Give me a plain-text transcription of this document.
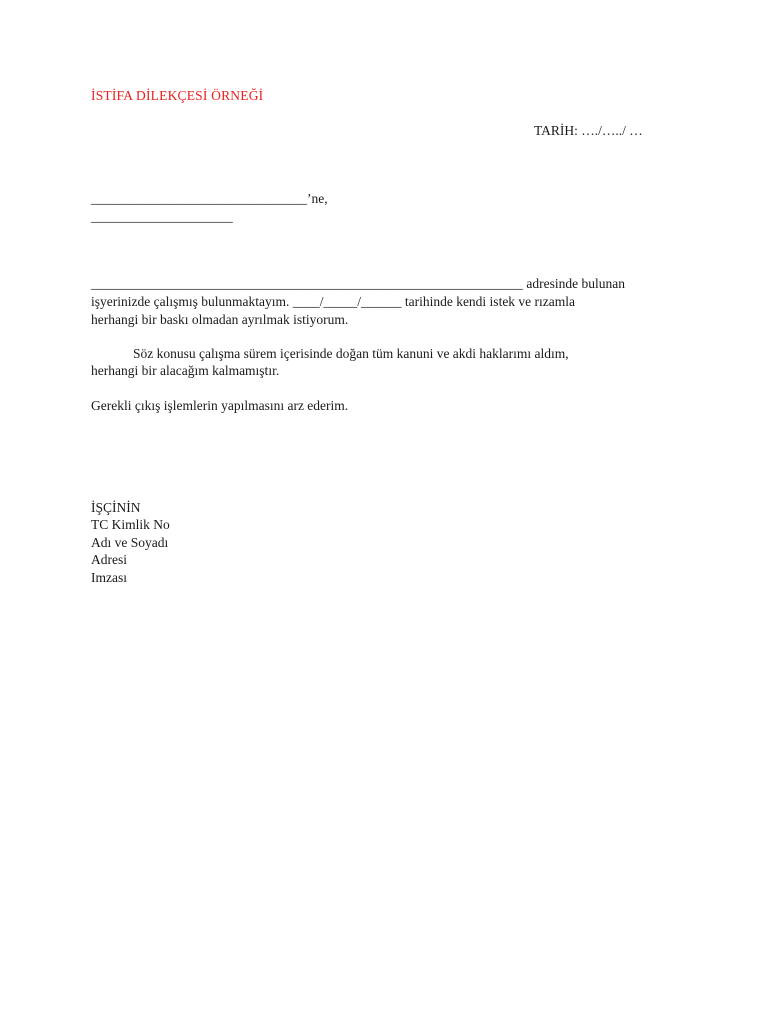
İSTİFA DİLEKÇESİ ÖRNEĞİ
TARİH: …./…../ …
________________________________’ne,
_____________________
________________________________________________________________ adresinde bulunan
işyerinizde çalışmış bulunmaktayım. ____/_____/______ tarihinde kendi istek ve rızamla
herhangi bir baskı olmadan ayrılmak istiyorum.
Söz konusu çalışma sürem içerisinde doğan tüm kanuni ve akdi haklarımı aldım,
herhangi bir alacağım kalmamıştır.
Gerekli çıkış işlemlerin yapılmasını arz ederim.
İŞÇİNİN
TC Kimlik No
Adı ve Soyadı
Adresi
Imzası
